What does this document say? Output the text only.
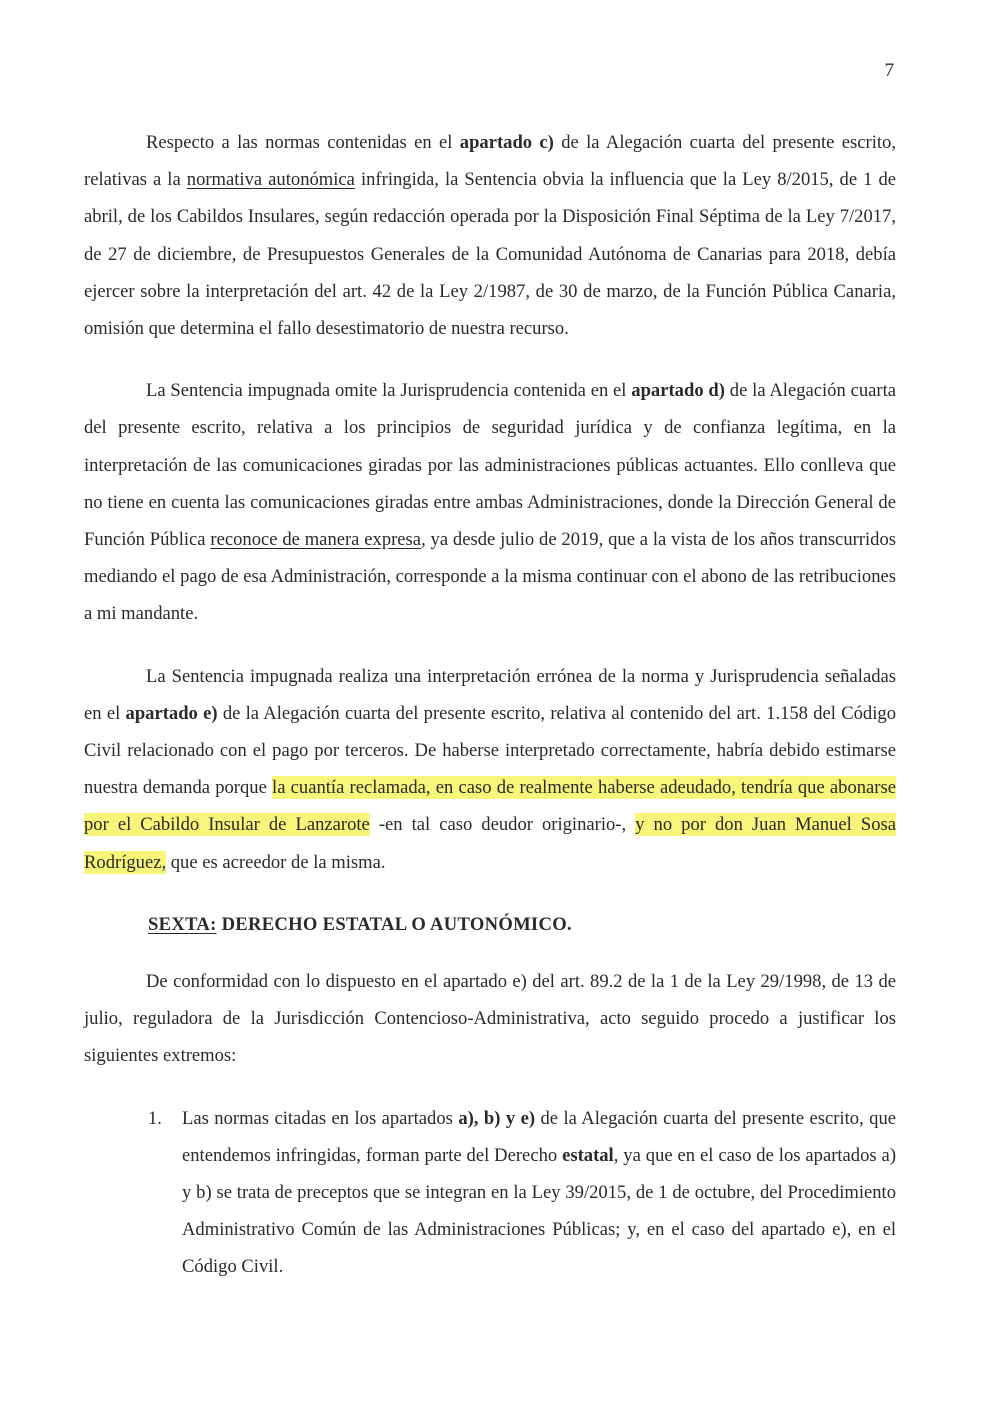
7

Respecto a las normas contenidas en el apartado c) de la Alegación cuarta del presente escrito, relativas a la normativa autonómica infringida, la Sentencia obvia la influencia que la Ley 8/2015, de 1 de abril, de los Cabildos Insulares, según redacción operada por la Disposición Final Séptima de la Ley 7/2017, de 27 de diciembre, de Presupuestos Generales de la Comunidad Autónoma de Canarias para 2018, debía ejercer sobre la interpretación del art. 42 de la Ley 2/1987, de 30 de marzo, de la Función Pública Canaria, omisión que determina el fallo desestimatorio de nuestra recurso.

La Sentencia impugnada omite la Jurisprudencia contenida en el apartado d) de la Alegación cuarta del presente escrito, relativa a los principios de seguridad jurídica y de confianza legítima, en la interpretación de las comunicaciones giradas por las administraciones públicas actuantes. Ello conlleva que no tiene en cuenta las comunicaciones giradas entre ambas Administraciones, donde la Dirección General de Función Pública reconoce de manera expresa, ya desde julio de 2019, que a la vista de los años transcurridos mediando el pago de esa Administración, corresponde a la misma continuar con el abono de las retribuciones a mi mandante.

La Sentencia impugnada realiza una interpretación errónea de la norma y Jurisprudencia señaladas en el apartado e) de la Alegación cuarta del presente escrito, relativa al contenido del art. 1.158 del Código Civil relacionado con el pago por terceros. De haberse interpretado correctamente, habría debido estimarse nuestra demanda porque la cuantía reclamada, en caso de realmente haberse adeudado, tendría que abonarse por el Cabildo Insular de Lanzarote -en tal caso deudor originario-, y no por don Juan Manuel Sosa Rodríguez, que es acreedor de la misma.

SEXTA: DERECHO ESTATAL O AUTONÓMICO.

De conformidad con lo dispuesto en el apartado e) del art. 89.2 de la 1 de la Ley 29/1998, de 13 de julio, reguladora de la Jurisdicción Contencioso-Administrativa, acto seguido procedo a justificar los siguientes extremos:

1.	Las normas citadas en los apartados a), b) y e) de la Alegación cuarta del presente escrito, que entendemos infringidas, forman parte del Derecho estatal, ya que en el caso de los apartados a) y b) se trata de preceptos que se integran en la Ley 39/2015, de 1 de octubre, del Procedimiento Administrativo Común de las Administraciones Públicas; y, en el caso del apartado e), en el Código Civil.
